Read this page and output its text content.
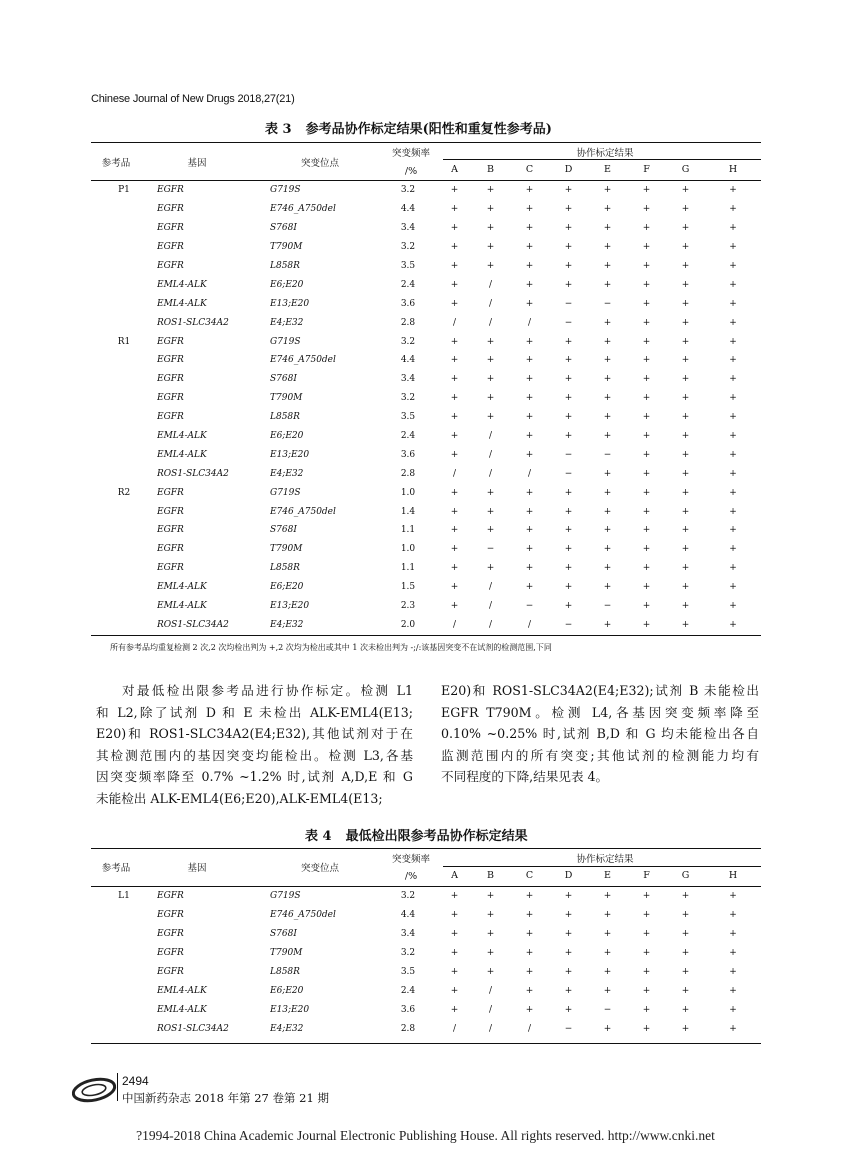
Chinese Journal of New Drugs 2018,27(21)
表 3 参考品协作标定结果(阳性和重复性参考品)
参考品	基因	突变位点
突变频率
/%
协作标定结果
A	B	C	D	E	F	G	H
P1	EGFR	G719S	3.2	+	+	+	+	+	+	+	+
	EGFR	E746_A750del	4.4	+	+	+	+	+	+	+	+
	EGFR	S768I	3.4	+	+	+	+	+	+	+	+
	EGFR	T790M	3.2	+	+	+	+	+	+	+	+
	EGFR	L858R	3.5	+	+	+	+	+	+	+	+
	EML4-ALK	E6;E20	2.4	+	/	+	+	+	+	+	+
	EML4-ALK	E13;E20	3.6	+	/	+	−	−	+	+	+
	ROS1-SLC34A2	E4;E32	2.8	/	/	/	−	+	+	+	+
R1	EGFR	G719S	3.2	+	+	+	+	+	+	+	+
	EGFR	E746_A750del	4.4	+	+	+	+	+	+	+	+
	EGFR	S768I	3.4	+	+	+	+	+	+	+	+
	EGFR	T790M	3.2	+	+	+	+	+	+	+	+
	EGFR	L858R	3.5	+	+	+	+	+	+	+	+
	EML4-ALK	E6;E20	2.4	+	/	+	+	+	+	+	+
	EML4-ALK	E13;E20	3.6	+	/	+	−	−	+	+	+
	ROS1-SLC34A2	E4;E32	2.8	/	/	/	−	+	+	+	+
R2	EGFR	G719S	1.0	+	+	+	+	+	+	+	+
	EGFR	E746_A750del	1.4	+	+	+	+	+	+	+	+
	EGFR	S768I	1.1	+	+	+	+	+	+	+	+
	EGFR	T790M	1.0	+	−	+	+	+	+	+	+
	EGFR	L858R	1.1	+	+	+	+	+	+	+	+
	EML4-ALK	E6;E20	1.5	+	/	+	+	+	+	+	+
	EML4-ALK	E13;E20	2.3	+	/	−	+	−	+	+	+
	ROS1-SLC34A2	E4;E32	2.0	/	/	/	−	+	+	+	+
所有参考品均重复检测 2 次,2 次均检出判为 +,2 次均为检出或其中 1 次未检出判为 -;/:该基因突变不在试剂的检测范围,下同
对最低检出限参考品进行协作标定。检测 L1
和 L2,除了试剂 D 和 E 未检出 ALK-EML4(E13;
E20)和 ROS1-SLC34A2(E4;E32),其他试剂对于在
其检测范围内的基因突变均能检出。检测 L3,各基
因突变频率降至 0.7% ~1.2% 时,试剂 A,D,E 和 G
未能检出 ALK-EML4(E6;E20),ALK-EML4(E13;
E20)和 ROS1-SLC34A2(E4;E32);试剂 B 未能检出
EGFR T790M。检测 L4,各基因突变频率降至
0.10% ~0.25% 时,试剂 B,D 和 G 均未能检出各自
监测范围内的所有突变;其他试剂的检测能力均有
不同程度的下降,结果见表 4。
表 4 最低检出限参考品协作标定结果
参考品	基因	突变位点
突变频率
/%
协作标定结果
A	B	C	D	E	F	G	H
L1	EGFR	G719S	3.2	+	+	+	+	+	+	+	+
	EGFR	E746_A750del	4.4	+	+	+	+	+	+	+	+
	EGFR	S768I	3.4	+	+	+	+	+	+	+	+
	EGFR	T790M	3.2	+	+	+	+	+	+	+	+
	EGFR	L858R	3.5	+	+	+	+	+	+	+	+
	EML4-ALK	E6;E20	2.4	+	/	+	+	+	+	+	+
	EML4-ALK	E13;E20	3.6	+	/	+	+	−	+	+	+
	ROS1-SLC34A2	E4;E32	2.8	/	/	/	−	+	+	+	+
2494
中国新药杂志 2018 年第 27 卷第 21 期
?1994-2018 China Academic Journal Electronic Publishing House. All rights reserved. http://www.cnki.net
